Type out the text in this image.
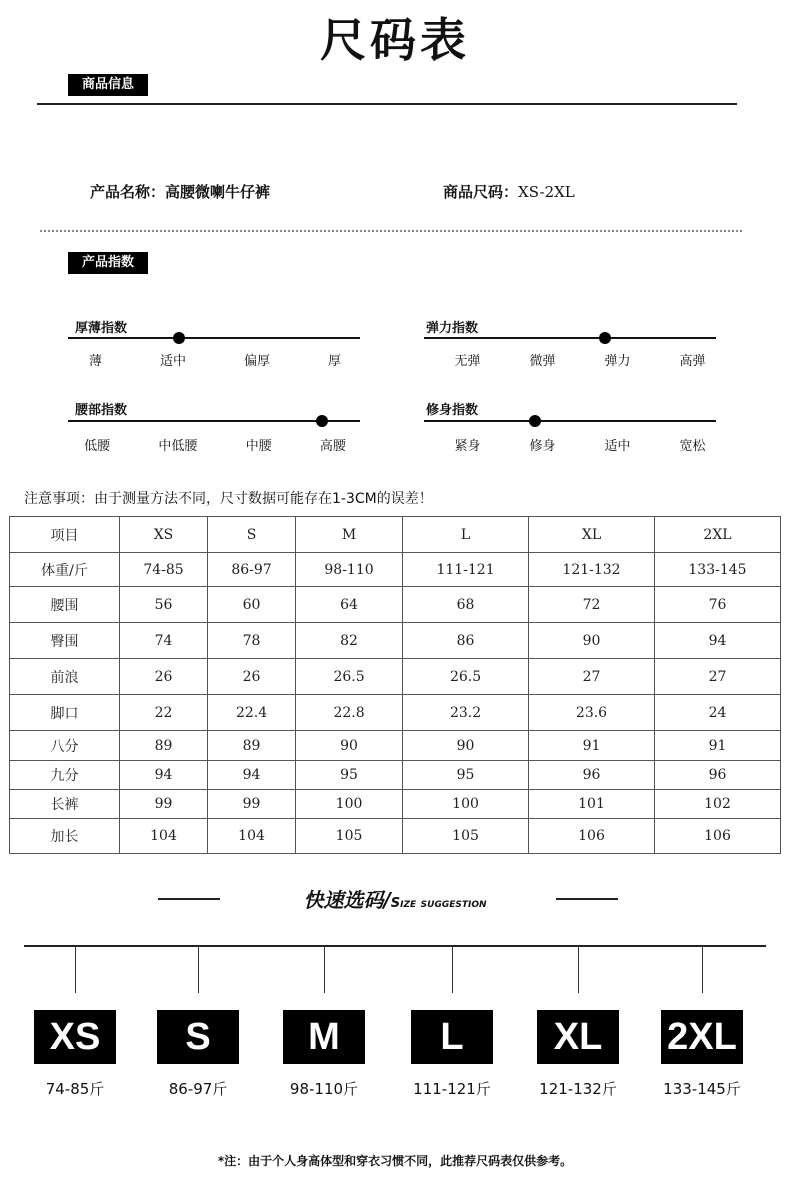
尺码表
商品信息
产品名称：高腰微喇牛仔裤	商品尺码：XS-2XL
产品指数
厚薄指数
薄	适中	偏厚	厚
弹力指数
无弹	微弹	弹力	高弹
腰部指数
低腰	中低腰	中腰	高腰
修身指数
紧身	修身	适中	宽松
注意事项：由于测量方法不同，尺寸数据可能存在1-3CM的误差！
项目	XS	S	M	L	XL	2XL
体重/斤	74-85	86-97	98-110	111-121	121-132	133-145
腰围	56	60	64	68	72	76
臀围	74	78	82	86	90	94
前浪	26	26	26.5	26.5	27	27
脚口	22	22.4	22.8	23.2	23.6	24
八分	89	89	90	90	91	91
九分	94	94	95	95	96	96
长裤	99	99	100	100	101	102
加长	104	104	105	105	106	106
快速选码/Size suggestion
XS
74-85斤
S
86-97斤
M
98-110斤
L
111-121斤
XL
121-132斤
2XL
133-145斤
*注：由于个人身高体型和穿衣习惯不同，此推荐尺码表仅供参考。
